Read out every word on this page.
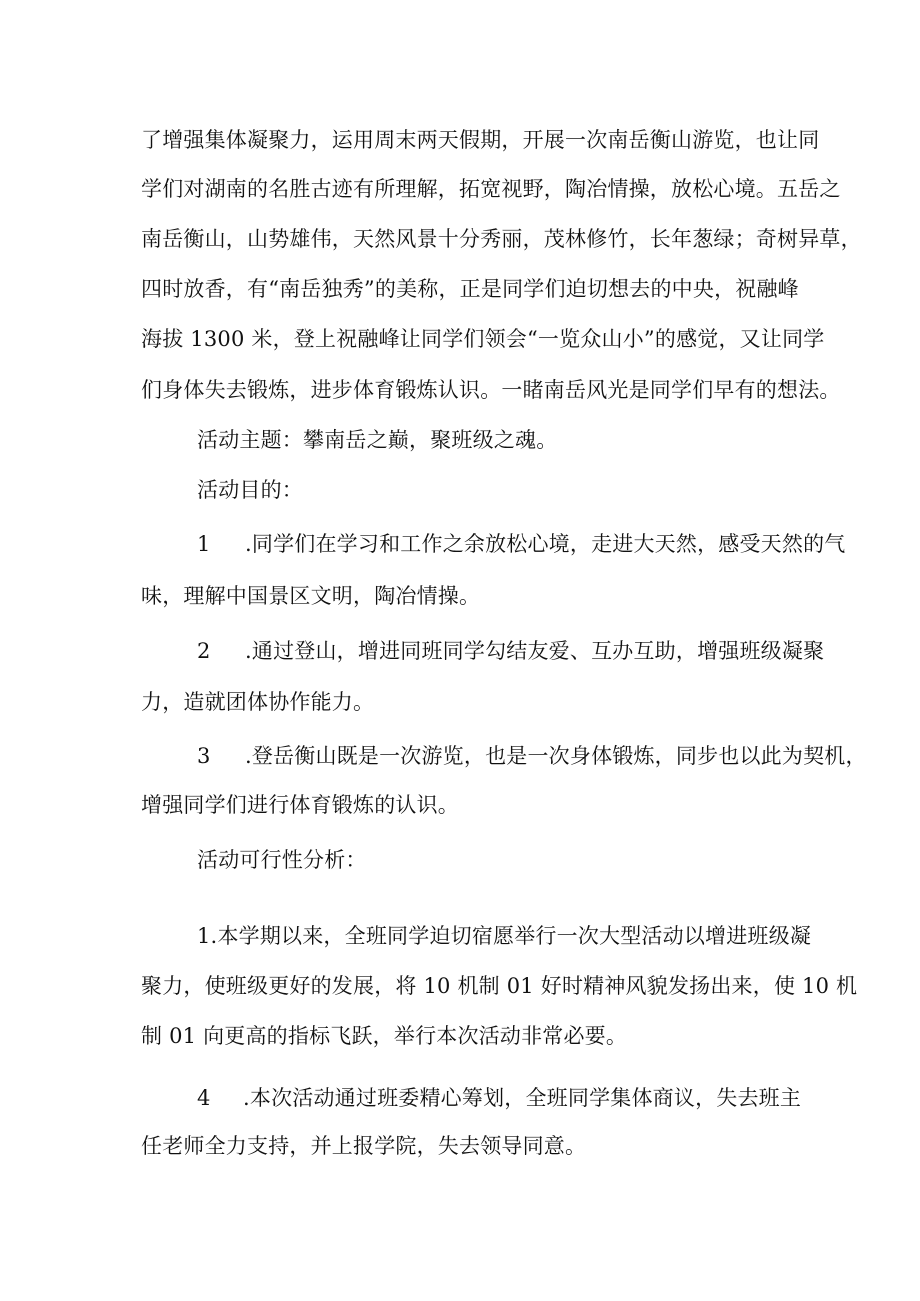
了增强集体凝聚力，运用周末两天假期，开展一次南岳衡山游览，也让同
学们对湖南的名胜古迹有所理解，拓宽视野，陶冶情操，放松心境。五岳之
南岳衡山，山势雄伟，天然风景十分秀丽，茂林修竹，长年葱绿；奇树异草，
四时放香，有“南岳独秀”的美称，正是同学们迫切想去的中央，祝融峰
海拔 1300 米，登上祝融峰让同学们领会“一览众山小”的感觉，又让同学
们身体失去锻炼，进步体育锻炼认识。一睹南岳风光是同学们早有的想法。
活动主题：攀南岳之巅，聚班级之魂。
活动目的：
1 .同学们在学习和工作之余放松心境，走进大天然，感受天然的气
味，理解中国景区文明，陶冶情操。
2 .通过登山，增进同班同学勾结友爱、互办互助，增强班级凝聚
力，造就团体协作能力。
3 .登岳衡山既是一次游览，也是一次身体锻炼，同步也以此为契机，
增强同学们进行体育锻炼的认识。
活动可行性分析：
1.本学期以来，全班同学迫切宿愿举行一次大型活动以增进班级凝
聚力，使班级更好的发展，将 10 机制 01 好时精神风貌发扬出来，使 10 机
制 01 向更高的指标飞跃，举行本次活动非常必要。
4 .本次活动通过班委精心筹划，全班同学集体商议，失去班主
任老师全力支持，并上报学院，失去领导同意。
